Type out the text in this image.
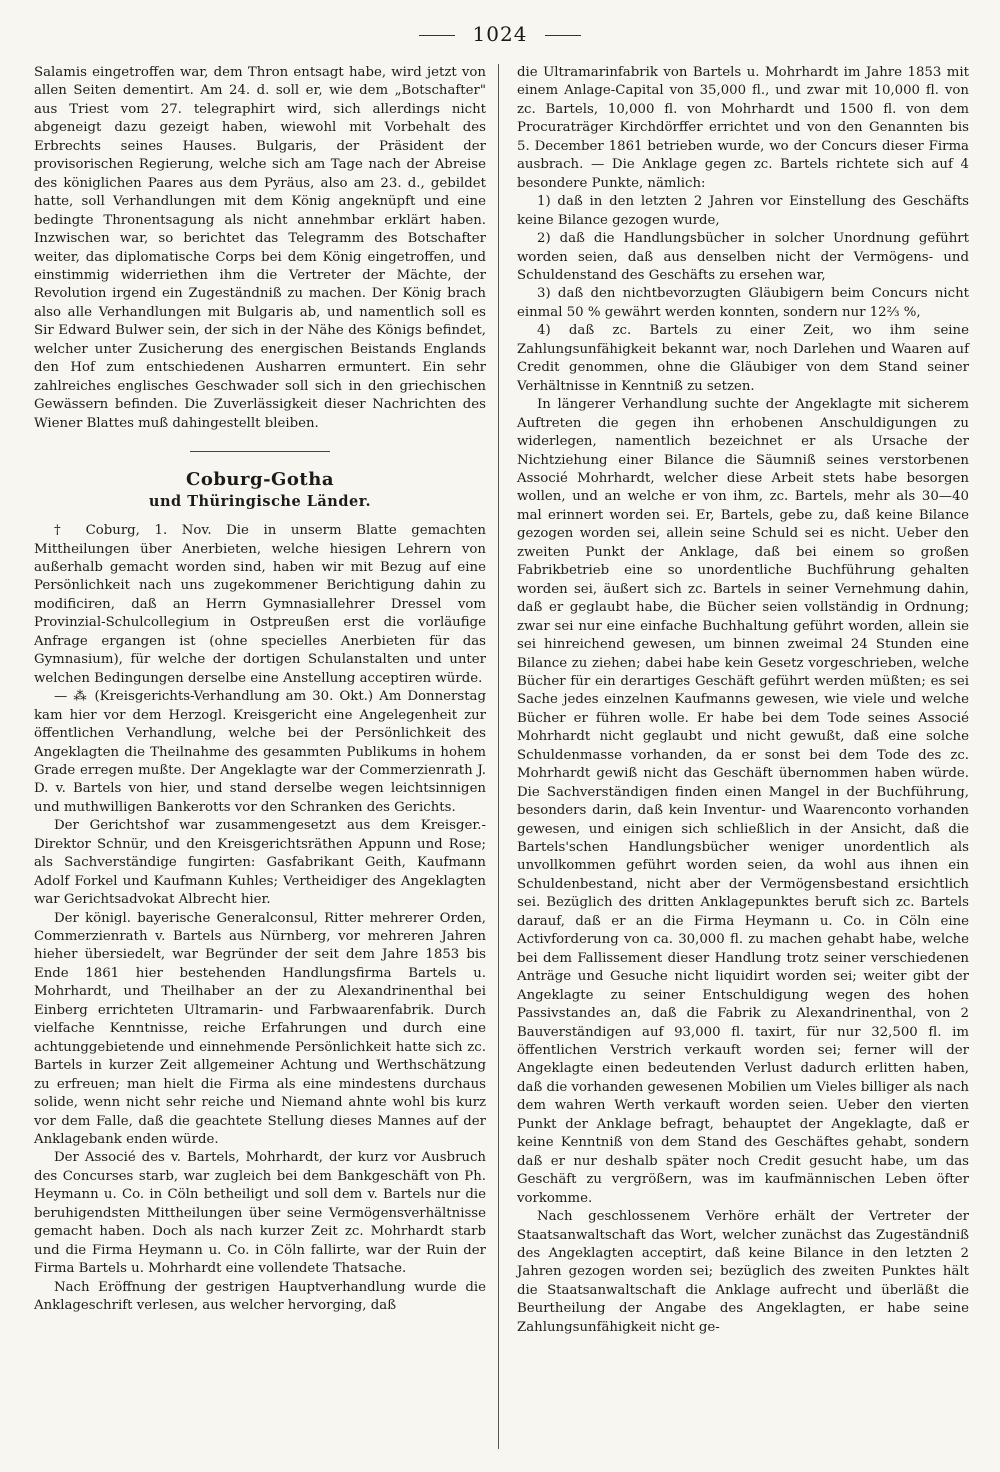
1024

Salamis eingetroffen war, dem Thron entsagt habe, wird jetzt von allen Seiten dementirt. Am 24. d. soll er, wie dem „Botschafter" aus Triest vom 27. telegraphirt wird, sich allerdings nicht abgeneigt dazu gezeigt haben, wiewohl mit Vorbehalt des Erbrechts seines Hauses. Bulgaris, der Präsident der provisorischen Regierung, welche sich am Tage nach der Abreise des königlichen Paares aus dem Pyräus, also am 23. d., gebildet hatte, soll Verhandlungen mit dem König angeknüpft und eine bedingte Thronentsagung als nicht annehmbar erklärt haben. Inzwischen war, so berichtet das Telegramm des Botschafter weiter, das diplomatische Corps bei dem König eingetroffen, und einstimmig widerriethen ihm die Vertreter der Mächte, der Revolution irgend ein Zugeständniß zu machen. Der König brach also alle Verhandlungen mit Bulgaris ab, und namentlich soll es Sir Edward Bulwer sein, der sich in der Nähe des Königs befindet, welcher unter Zusicherung des energischen Beistands Englands den Hof zum entschiedenen Ausharren ermuntert. Ein sehr zahlreiches englisches Geschwader soll sich in den griechischen Gewässern befinden. Die Zuverlässigkeit dieser Nachrichten des Wiener Blattes muß dahingestellt bleiben.

Coburg-Gotha
und Thüringische Länder.

† Coburg, 1. Nov. Die in unserm Blatte gemachten Mittheilungen über Anerbieten, welche hiesigen Lehrern von außerhalb gemacht worden sind, haben wir mit Bezug auf eine Persönlichkeit nach uns zugekommener Berichtigung dahin zu modificiren, daß an Herrn Gymnasiallehrer Dressel vom Provinzial-Schulcollegium in Ostpreußen erst die vorläufige Anfrage ergangen ist (ohne specielles Anerbieten für das Gymnasium), für welche der dortigen Schulanstalten und unter welchen Bedingungen derselbe eine Anstellung acceptiren würde.

— ⁂ (Kreisgerichts-Verhandlung am 30. Okt.) Am Donnerstag kam hier vor dem Herzogl. Kreisgericht eine Angelegenheit zur öffentlichen Verhandlung, welche bei der Persönlichkeit des Angeklagten die Theilnahme des gesammten Publikums in hohem Grade erregen mußte. Der Angeklagte war der Commerzienrath J. D. v. Bartels von hier, und stand derselbe wegen leichtsinnigen und muthwilligen Bankerotts vor den Schranken des Gerichts.

Der Gerichtshof war zusammengesetzt aus dem Kreisger.-Direktor Schnür, und den Kreisgerichtsräthen Appunn und Rose; als Sachverständige fungirten: Gasfabrikant Geith, Kaufmann Adolf Forkel und Kaufmann Kuhles; Vertheidiger des Angeklagten war Gerichtsadvokat Albrecht hier.

Der königl. bayerische Generalconsul, Ritter mehrerer Orden, Commerzienrath v. Bartels aus Nürnberg, vor mehreren Jahren hieher übersiedelt, war Begründer der seit dem Jahre 1853 bis Ende 1861 hier bestehenden Handlungsfirma Bartels u. Mohrhardt, und Theilhaber an der zu Alexandrinenthal bei Einberg errichteten Ultramarin- und Farbwaarenfabrik. Durch vielfache Kenntnisse, reiche Erfahrungen und durch eine achtunggebietende und einnehmende Persönlichkeit hatte sich zc. Bartels in kurzer Zeit allgemeiner Achtung und Werthschätzung zu erfreuen; man hielt die Firma als eine mindestens durchaus solide, wenn nicht sehr reiche und Niemand ahnte wohl bis kurz vor dem Falle, daß die geachtete Stellung dieses Mannes auf der Anklagebank enden würde.

Der Associé des v. Bartels, Mohrhardt, der kurz vor Ausbruch des Concurses starb, war zugleich bei dem Bankgeschäft von Ph. Heymann u. Co. in Cöln betheiligt und soll dem v. Bartels nur die beruhigendsten Mittheilungen über seine Vermögensverhältnisse gemacht haben. Doch als nach kurzer Zeit zc. Mohrhardt starb und die Firma Heymann u. Co. in Cöln fallirte, war der Ruin der Firma Bartels u. Mohrhardt eine vollendete Thatsache.

Nach Eröffnung der gestrigen Hauptverhandlung wurde die Anklageschrift verlesen, aus welcher hervorging, daß

die Ultramarinfabrik von Bartels u. Mohrhardt im Jahre 1853 mit einem Anlage-Capital von 35,000 fl., und zwar mit 10,000 fl. von zc. Bartels, 10,000 fl. von Mohrhardt und 1500 fl. von dem Procuraträger Kirchdörffer errichtet und von den Genannten bis 5. December 1861 betrieben wurde, wo der Concurs dieser Firma ausbrach. — Die Anklage gegen zc. Bartels richtete sich auf 4 besondere Punkte, nämlich:

1) daß in den letzten 2 Jahren vor Einstellung des Geschäfts keine Bilance gezogen wurde,

2) daß die Handlungsbücher in solcher Unordnung geführt worden seien, daß aus denselben nicht der Vermögens- und Schuldenstand des Geschäfts zu ersehen war,

3) daß den nichtbevorzugten Gläubigern beim Concurs nicht einmal 50 % gewährt werden konnten, sondern nur 12⅔ %,

4) daß zc. Bartels zu einer Zeit, wo ihm seine Zahlungsunfähigkeit bekannt war, noch Darlehen und Waaren auf Credit genommen, ohne die Gläubiger von dem Stand seiner Verhältnisse in Kenntniß zu setzen.

In längerer Verhandlung suchte der Angeklagte mit sicherem Auftreten die gegen ihn erhobenen Anschuldigungen zu widerlegen, namentlich bezeichnet er als Ursache der Nichtziehung einer Bilance die Säumniß seines verstorbenen Associé Mohrhardt, welcher diese Arbeit stets habe besorgen wollen, und an welche er von ihm, zc. Bartels, mehr als 30—40 mal erinnert worden sei. Er, Bartels, gebe zu, daß keine Bilance gezogen worden sei, allein seine Schuld sei es nicht. Ueber den zweiten Punkt der Anklage, daß bei einem so großen Fabrikbetrieb eine so unordentliche Buchführung gehalten worden sei, äußert sich zc. Bartels in seiner Vernehmung dahin, daß er geglaubt habe, die Bücher seien vollständig in Ordnung; zwar sei nur eine einfache Buchhaltung geführt worden, allein sie sei hinreichend gewesen, um binnen zweimal 24 Stunden eine Bilance zu ziehen; dabei habe kein Gesetz vorgeschrieben, welche Bücher für ein derartiges Geschäft geführt werden müßten; es sei Sache jedes einzelnen Kaufmanns gewesen, wie viele und welche Bücher er führen wolle. Er habe bei dem Tode seines Associé Mohrhardt nicht geglaubt und nicht gewußt, daß eine solche Schuldenmasse vorhanden, da er sonst bei dem Tode des zc. Mohrhardt gewiß nicht das Geschäft übernommen haben würde. Die Sachverständigen finden einen Mangel in der Buchführung, besonders darin, daß kein Inventur- und Waarenconto vorhanden gewesen, und einigen sich schließlich in der Ansicht, daß die Bartels'schen Handlungsbücher weniger unordentlich als unvollkommen geführt worden seien, da wohl aus ihnen ein Schuldenbestand, nicht aber der Vermögensbestand ersichtlich sei. Bezüglich des dritten Anklagepunktes beruft sich zc. Bartels darauf, daß er an die Firma Heymann u. Co. in Cöln eine Activforderung von ca. 30,000 fl. zu machen gehabt habe, welche bei dem Fallissement dieser Handlung trotz seiner verschiedenen Anträge und Gesuche nicht liquidirt worden sei; weiter gibt der Angeklagte zu seiner Entschuldigung wegen des hohen Passivstandes an, daß die Fabrik zu Alexandrinenthal, von 2 Bauverständigen auf 93,000 fl. taxirt, für nur 32,500 fl. im öffentlichen Verstrich verkauft worden sei; ferner will der Angeklagte einen bedeutenden Verlust dadurch erlitten haben, daß die vorhanden gewesenen Mobilien um Vieles billiger als nach dem wahren Werth verkauft worden seien. Ueber den vierten Punkt der Anklage befragt, behauptet der Angeklagte, daß er keine Kenntniß von dem Stand des Geschäftes gehabt, sondern daß er nur deshalb später noch Credit gesucht habe, um das Geschäft zu vergrößern, was im kaufmännischen Leben öfter vorkomme.

Nach geschlossenem Verhöre erhält der Vertreter der Staatsanwaltschaft das Wort, welcher zunächst das Zugeständniß des Angeklagten acceptirt, daß keine Bilance in den letzten 2 Jahren gezogen worden sei; bezüglich des zweiten Punktes hält die Staatsanwaltschaft die Anklage aufrecht und überläßt die Beurtheilung der Angabe des Angeklagten, er habe seine Zahlungsunfähigkeit nicht ge-
